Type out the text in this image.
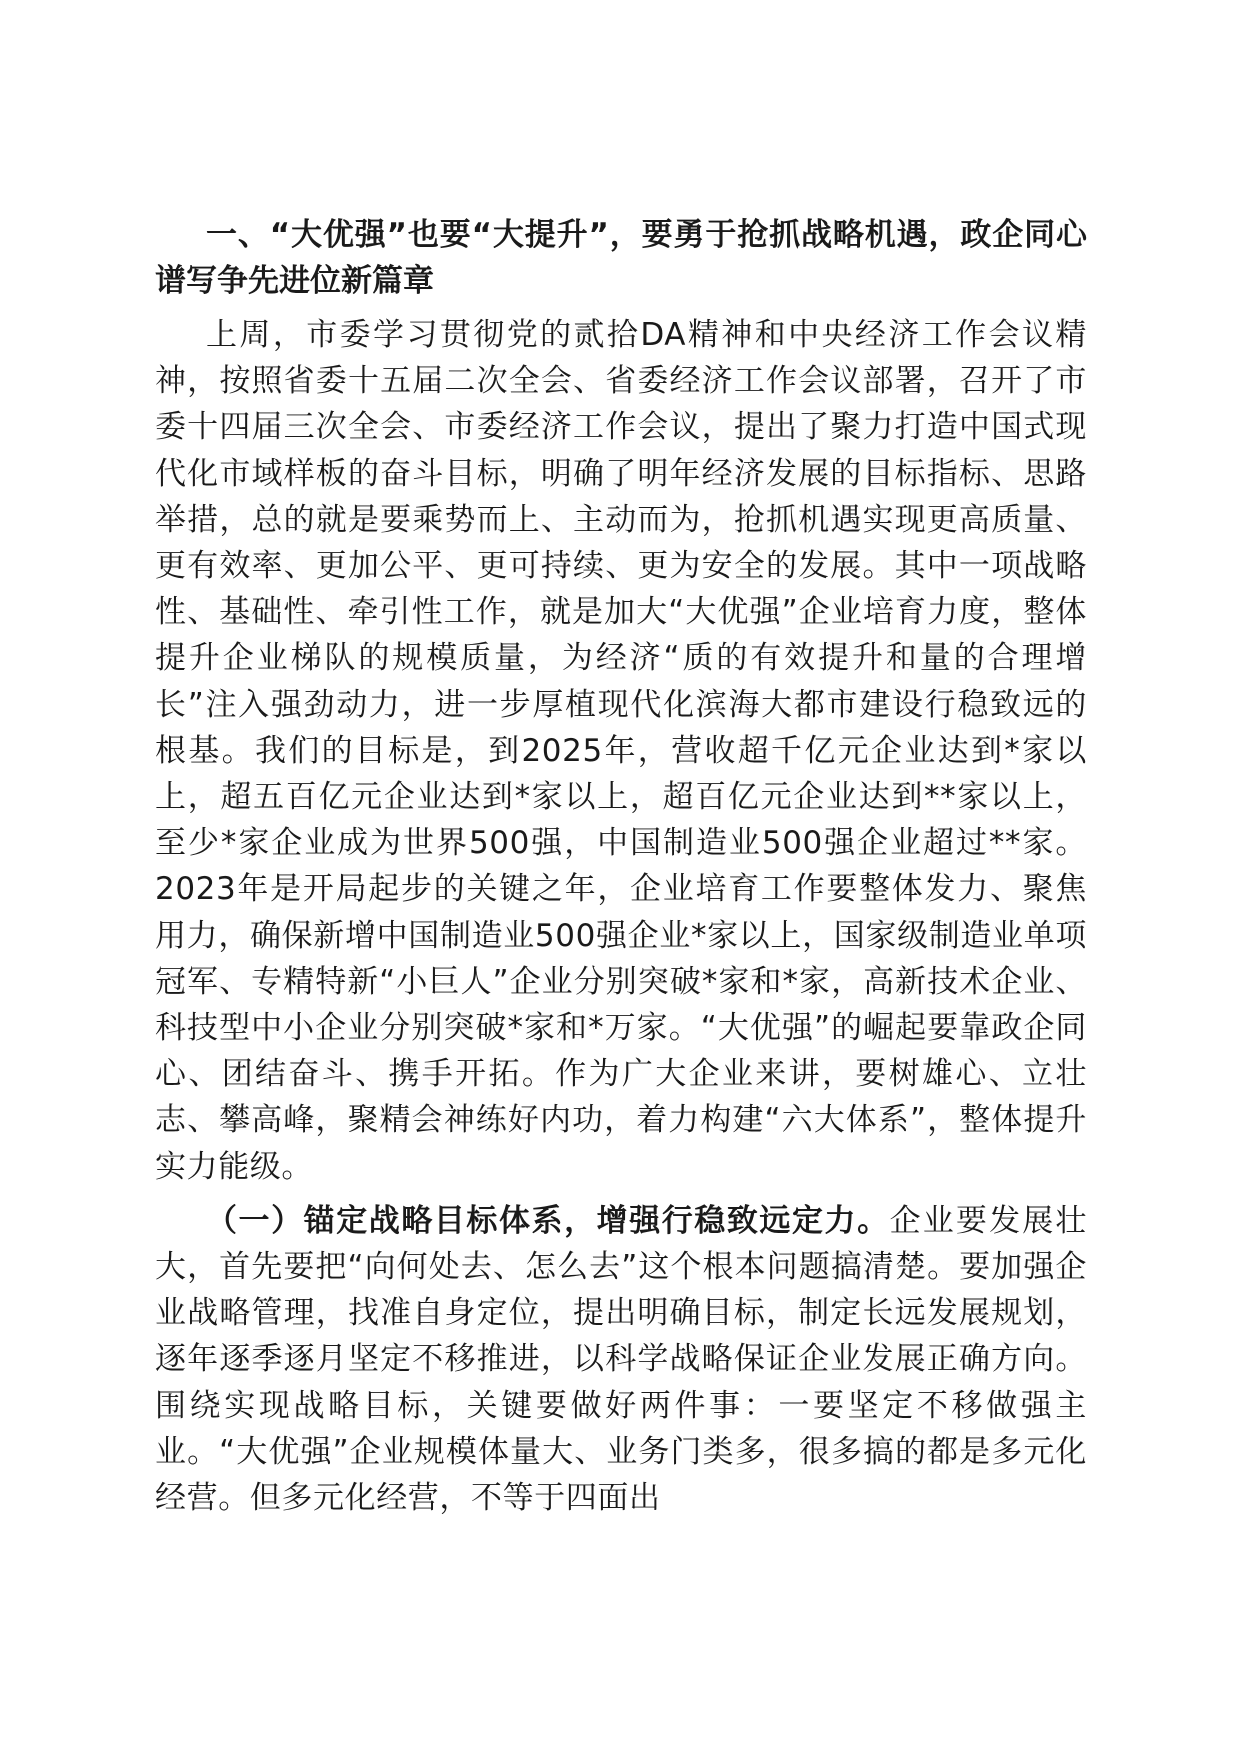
一、“大优强”也要“大提升”，要勇于抢抓战略机遇，政企同心谱写争先进位新篇章

上周，市委学习贯彻党的贰拾DA精神和中央经济工作会议精神，按照省委十五届二次全会、省委经济工作会议部署，召开了市委十四届三次全会、市委经济工作会议，提出了聚力打造中国式现代化市域样板的奋斗目标，明确了明年经济发展的目标指标、思路举措，总的就是要乘势而上、主动而为，抢抓机遇实现更高质量、更有效率、更加公平、更可持续、更为安全的发展。其中一项战略性、基础性、牵引性工作，就是加大“大优强”企业培育力度，整体提升企业梯队的规模质量，为经济“质的有效提升和量的合理增长”注入强劲动力，进一步厚植现代化滨海大都市建设行稳致远的根基。我们的目标是，到2025年，营收超千亿元企业达到*家以上，超五百亿元企业达到*家以上，超百亿元企业达到**家以上，至少*家企业成为世界500强，中国制造业500强企业超过**家。2023年是开局起步的关键之年，企业培育工作要整体发力、聚焦用力，确保新增中国制造业500强企业*家以上，国家级制造业单项冠军、专精特新“小巨人”企业分别突破*家和*家，高新技术企业、科技型中小企业分别突破*家和*万家。“大优强”的崛起要靠政企同心、团结奋斗、携手开拓。作为广大企业来讲，要树雄心、立壮志、攀高峰，聚精会神练好内功，着力构建“六大体系”，整体提升实力能级。

（一）锚定战略目标体系，增强行稳致远定力。企业要发展壮大，首先要把“向何处去、怎么去”这个根本问题搞清楚。要加强企业战略管理，找准自身定位，提出明确目标，制定长远发展规划，逐年逐季逐月坚定不移推进，以科学战略保证企业发展正确方向。围绕实现战略目标，关键要做好两件事：一要坚定不移做强主业。“大优强”企业规模体量大、业务门类多，很多搞的都是多元化经营。但多元化经营，不等于四面出
